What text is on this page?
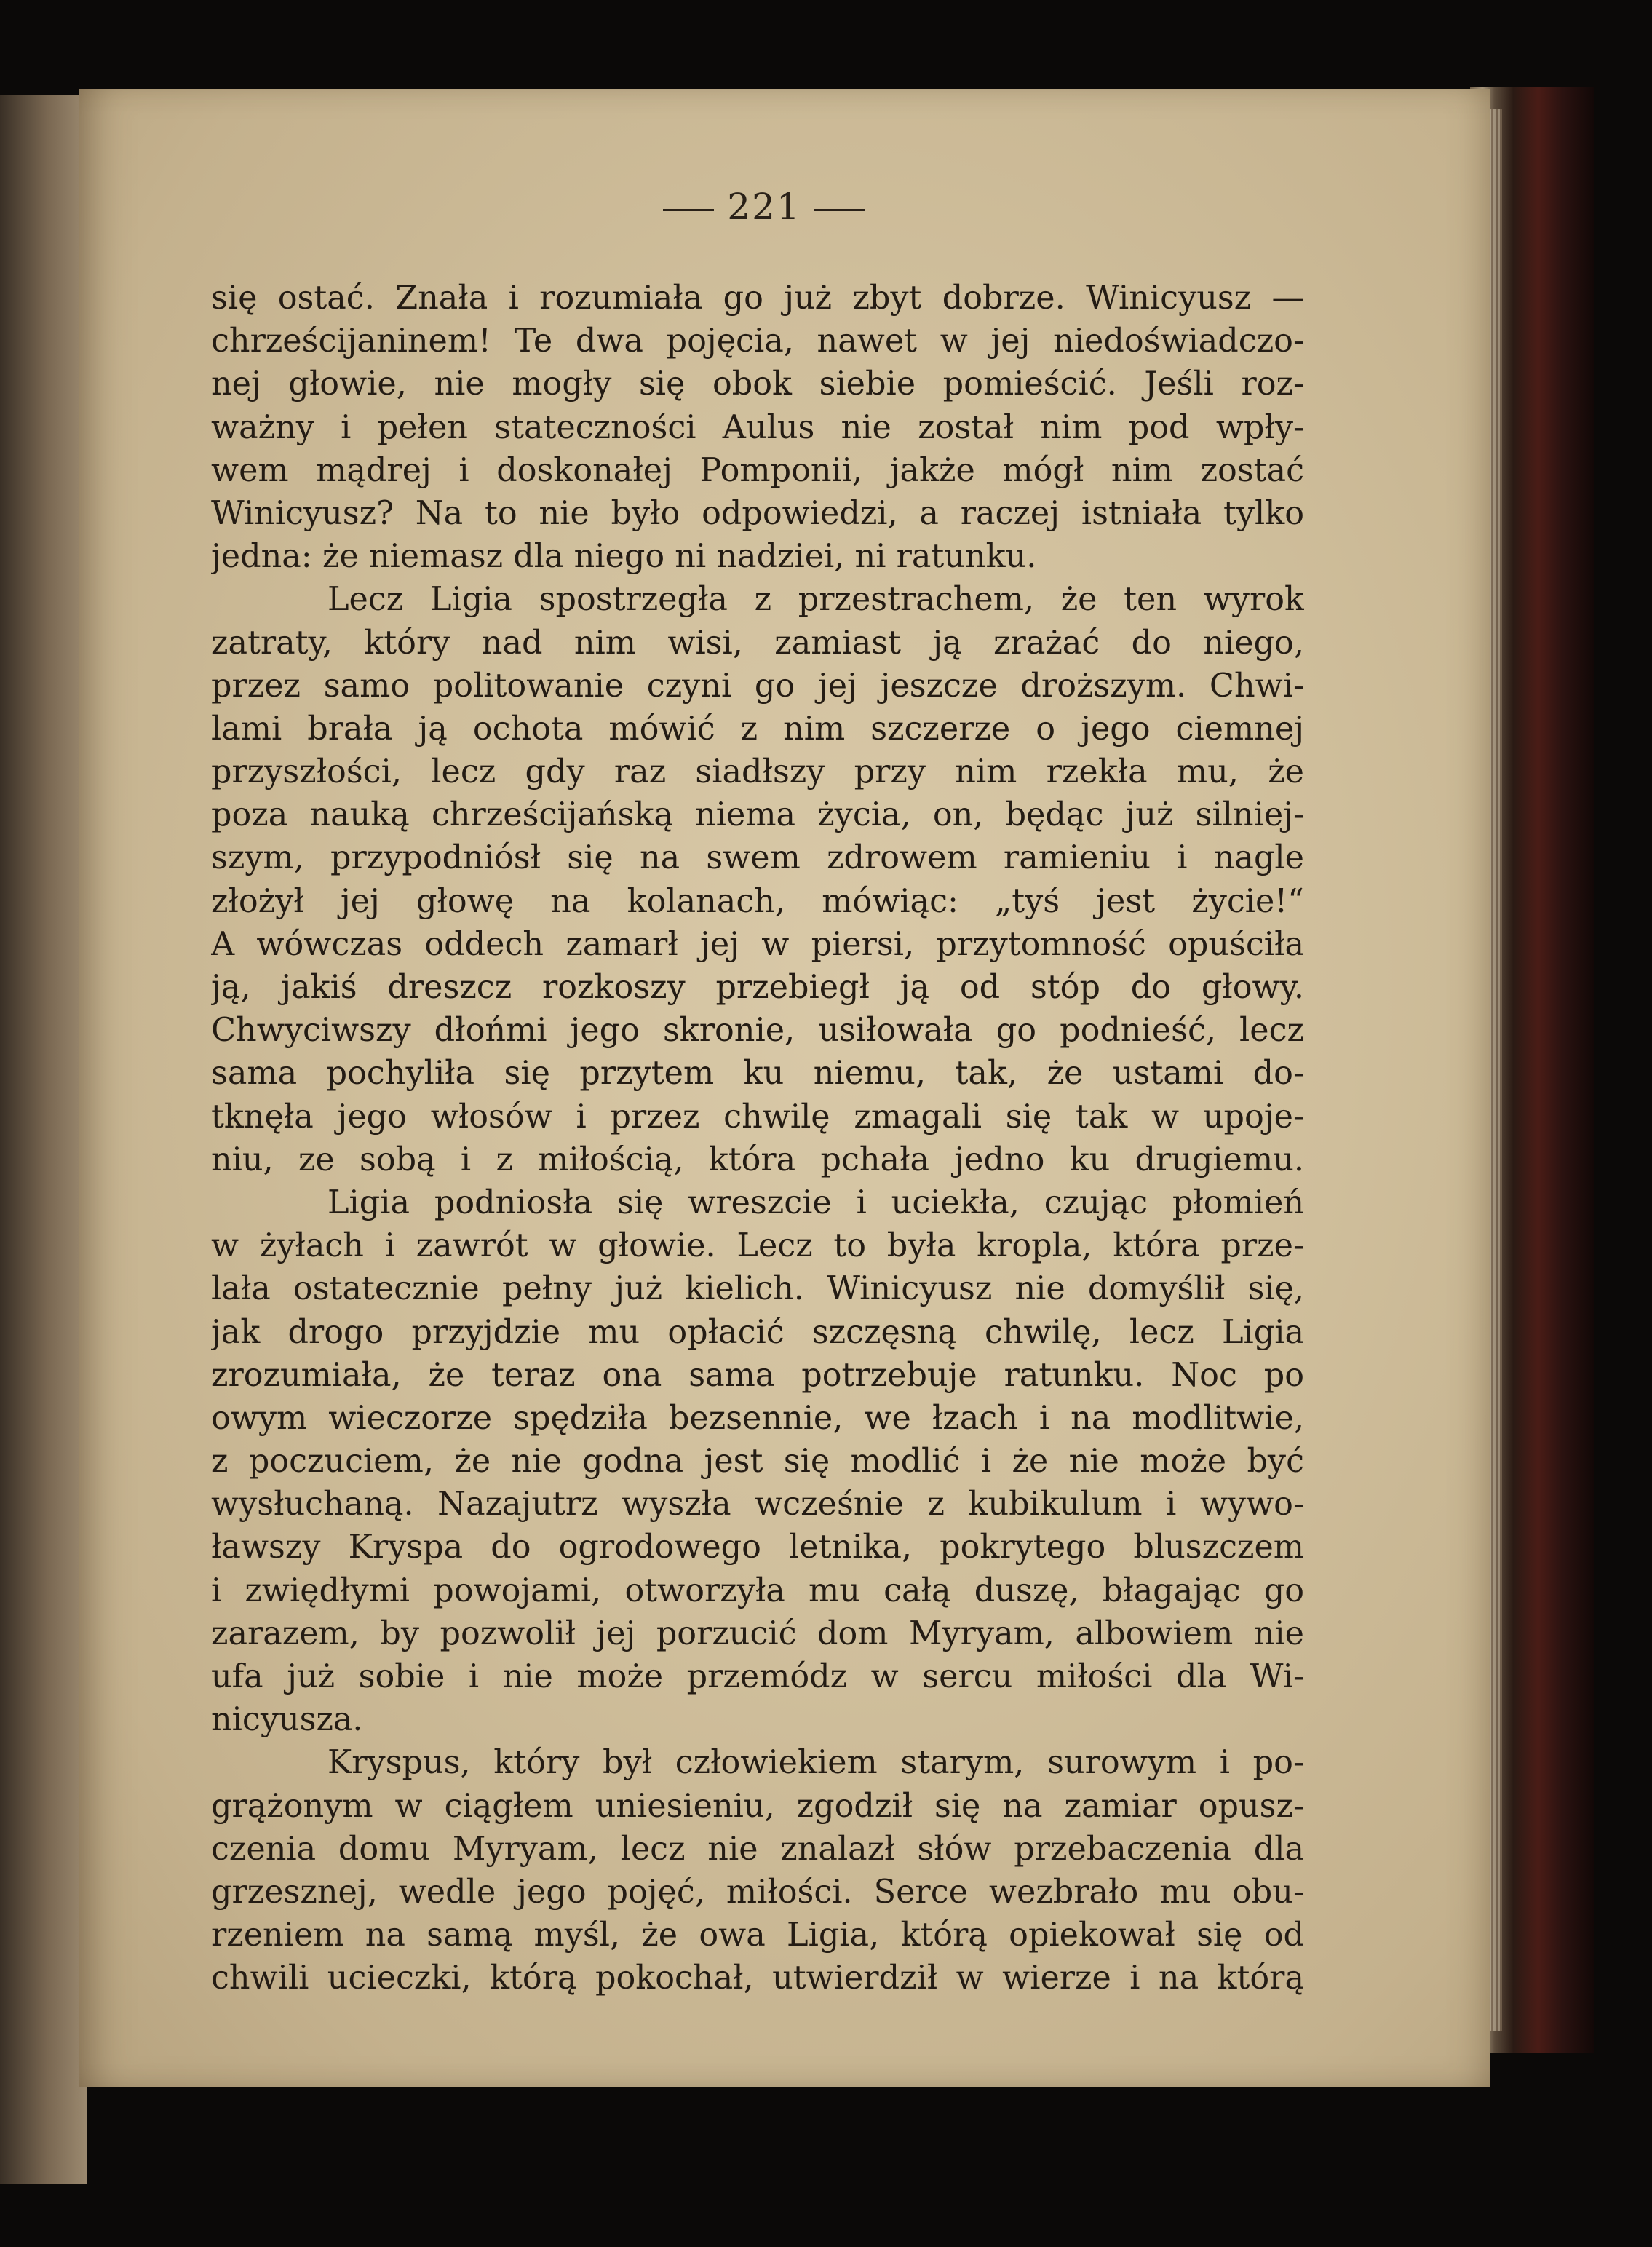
221
się ostać. Znała i rozumiała go już zbyt dobrze. Winicyusz —
chrześcijaninem! Te dwa pojęcia, nawet w jej niedoświadczo-
nej głowie, nie mogły się obok siebie pomieścić. Jeśli roz-
ważny i pełen stateczności Aulus nie został nim pod wpły-
wem mądrej i doskonałej Pomponii, jakże mógł nim zostać
Winicyusz? Na to nie było odpowiedzi, a raczej istniała tylko
jedna: że niemasz dla niego ni nadziei, ni ratunku.
Lecz Ligia spostrzegła z przestrachem, że ten wyrok
zatraty, który nad nim wisi, zamiast ją zrażać do niego,
przez samo politowanie czyni go jej jeszcze droższym. Chwi-
lami brała ją ochota mówić z nim szczerze o jego ciemnej
przyszłości, lecz gdy raz siadłszy przy nim rzekła mu, że
poza nauką chrześcijańską niema życia, on, będąc już silniej-
szym, przypodniósł się na swem zdrowem ramieniu i nagle
złożył jej głowę na kolanach, mówiąc: „tyś jest życie!“
A wówczas oddech zamarł jej w piersi, przytomność opuściła
ją, jakiś dreszcz rozkoszy przebiegł ją od stóp do głowy.
Chwyciwszy dłońmi jego skronie, usiłowała go podnieść, lecz
sama pochyliła się przytem ku niemu, tak, że ustami do-
tknęła jego włosów i przez chwilę zmagali się tak w upoje-
niu, ze sobą i z miłością, która pchała jedno ku drugiemu.
Ligia podniosła się wreszcie i uciekła, czując płomień
w żyłach i zawrót w głowie. Lecz to była kropla, która prze-
lała ostatecznie pełny już kielich. Winicyusz nie domyślił się,
jak drogo przyjdzie mu opłacić szczęsną chwilę, lecz Ligia
zrozumiała, że teraz ona sama potrzebuje ratunku. Noc po
owym wieczorze spędziła bezsennie, we łzach i na modlitwie,
z poczuciem, że nie godna jest się modlić i że nie może być
wysłuchaną. Nazajutrz wyszła wcześnie z kubikulum i wywo-
ławszy Kryspa do ogrodowego letnika, pokrytego bluszczem
i zwiędłymi powojami, otworzyła mu całą duszę, błagając go
zarazem, by pozwolił jej porzucić dom Myryam, albowiem nie
ufa już sobie i nie może przemódz w sercu miłości dla Wi-
nicyusza.
Kryspus, który był człowiekiem starym, surowym i po-
grążonym w ciągłem uniesieniu, zgodził się na zamiar opusz-
czenia domu Myryam, lecz nie znalazł słów przebaczenia dla
grzesznej, wedle jego pojęć, miłości. Serce wezbrało mu obu-
rzeniem na samą myśl, że owa Ligia, którą opiekował się od
chwili ucieczki, którą pokochał, utwierdził w wierze i na którą
